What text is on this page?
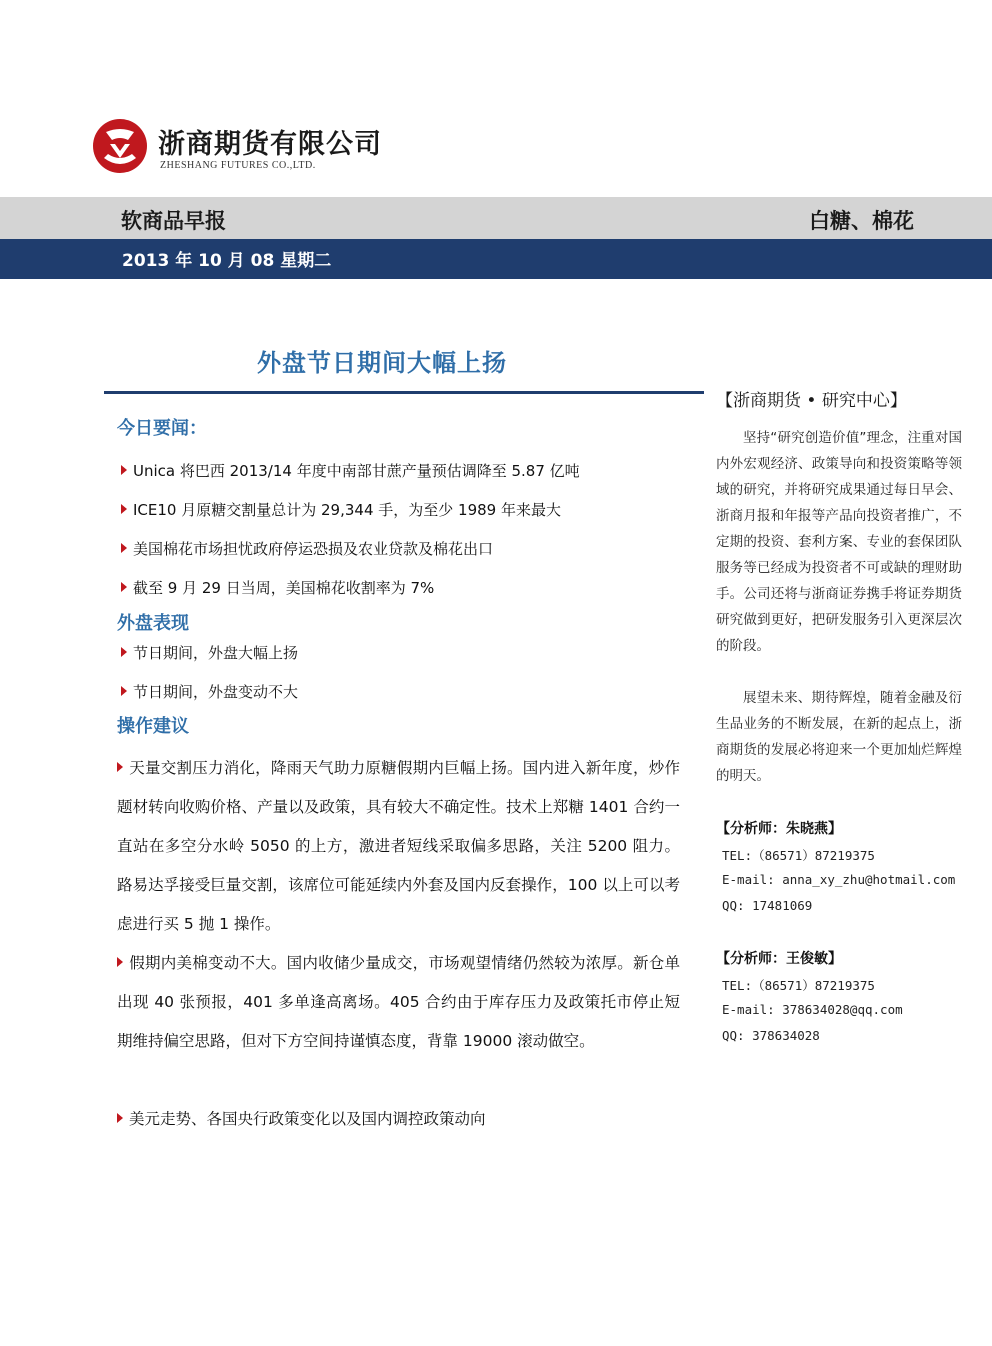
浙商期货有限公司
ZHESHANG FUTURES CO.,LTD.
软商品早报	白糖、棉花
2013 年 10 月 08 星期二
外盘节日期间大幅上扬
今日要闻：
Unica 将巴西 2013/14 年度中南部甘蔗产量预估调降至 5.87 亿吨
ICE10 月原糖交割量总计为 29,344 手，为至少 1989 年来最大
美国棉花市场担忧政府停运恐损及农业贷款及棉花出口
截至 9 月 29 日当周，美国棉花收割率为 7%
外盘表现
节日期间，外盘大幅上扬
节日期间，外盘变动不大
操作建议
天量交割压力消化，降雨天气助力原糖假期内巨幅上扬。国内进入新年度，炒作题材转向收购价格、产量以及政策，具有较大不确定性。技术上郑糖 1401 合约一直站在多空分水岭 5050 的上方，激进者短线采取偏多思路，关注 5200 阻力。路易达孚接受巨量交割，该席位可能延续内外套及国内反套操作，100 以上可以考虑进行买 5 抛 1 操作。
假期内美棉变动不大。国内收储少量成交，市场观望情绪仍然较为浓厚。新仓单出现 40 张预报，401 多单逢高离场。405 合约由于库存压力及政策托市停止短期维持偏空思路，但对下方空间持谨慎态度，背靠 19000 滚动做空。
美元走势、各国央行政策变化以及国内调控政策动向
【浙商期货 • 研究中心】
坚持“研究创造价值”理念，注重对国内外宏观经济、政策导向和投资策略等领域的研究，并将研究成果通过每日早会、浙商月报和年报等产品向投资者推广，不定期的投资、套利方案、专业的套保团队服务等已经成为投资者不可或缺的理财助手。公司还将与浙商证券携手将证券期货研究做到更好，把研发服务引入更深层次的阶段。
展望未来、期待辉煌，随着金融及衍生品业务的不断发展，在新的起点上，浙商期货的发展必将迎来一个更加灿烂辉煌的明天。
【分析师：朱晓燕】
TEL:（86571）87219375
E-mail: anna_xy_zhu@hotmail.com
QQ: 17481069
【分析师：王俊敏】
TEL:（86571）87219375
E-mail: 378634028@qq.com
QQ: 378634028
